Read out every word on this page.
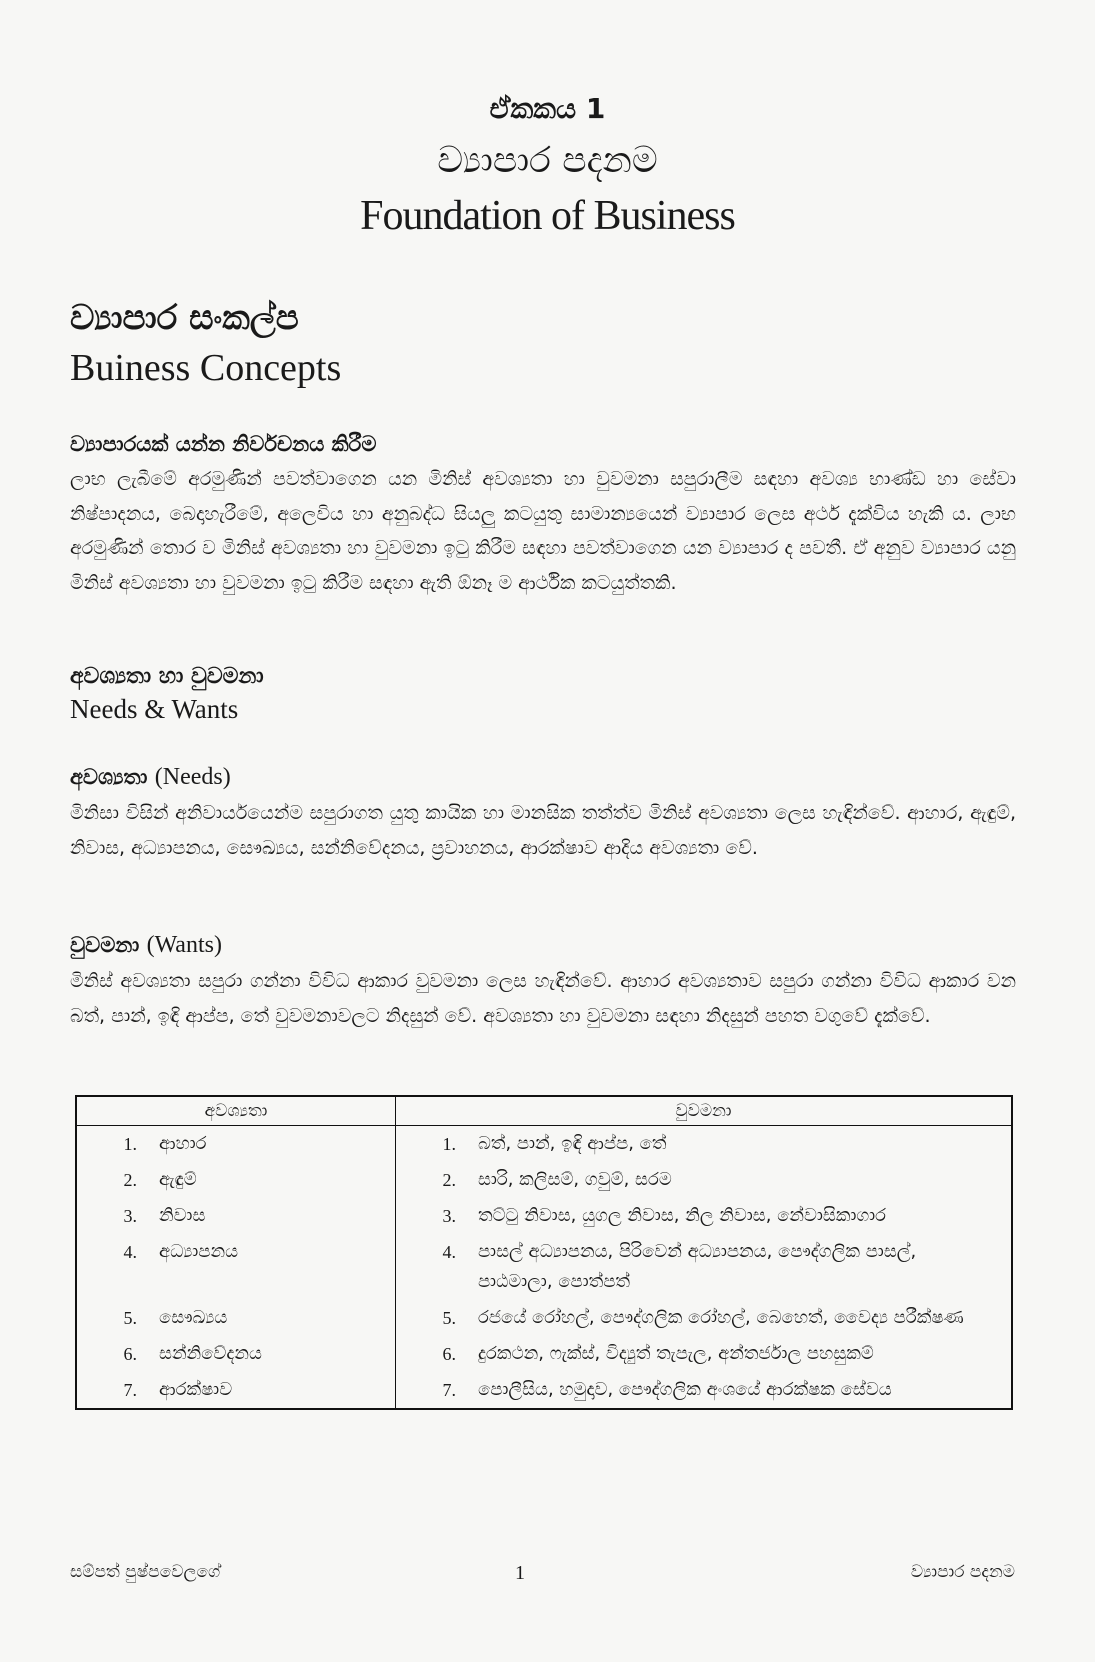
ඒකකය 1
ව්‍යාපාර පදනම
Foundation of Business
ව්‍යාපාර සංකල්ප
Buiness Concepts
ව්‍යාපාරයක් යන්න නිර්වචනය කිරීම
ලාභ ලැබීමේ අරමුණින් පවත්වාගෙන යන මිනිස් අවශ්‍යතා හා වුවමනා සපුරාලීම සඳහා අවශ්‍ය භාණ්ඩ හා සේවා නිෂ්පාදනය, බෙදාහැරීමේ, අලෙවිය හා අනුබද්ධ සියලු කටයුතු සාමාන්‍යයෙන් ව්‍යාපාර ලෙස අර්ථ දැක්විය හැකි ය. ලාභ අරමුණින් තොර ව මිනිස් අවශ්‍යතා හා වුවමනා ඉටු කිරීම සඳහා පවත්වාගෙන යන ව්‍යාපාර ද පවතී. ඒ අනුව ව්‍යාපාර යනු මිනිස් අවශ්‍යතා හා වුවමනා ඉටු කිරීම සඳහා ඇති ඕනෑ ම ආර්ථික කටයුත්තකි.
අවශ්‍යතා හා වුවමනා
Needs & Wants
අවශ්‍යතා (Needs)
මිනිසා විසින් අනිවාර්යයෙන්ම සපුරාගත යුතු කායික හා මානසික තත්ත්ව මිනිස් අවශ්‍යතා ලෙස හැඳින්වේ. ආහාර, ඇඳුම්, නිවාස, අධ්‍යාපනය, සෞඛ්‍යය, සන්නිවේදනය, ප්‍රවාහනය, ආරක්ෂාව ආදිය අවශ්‍යතා වේ.
වුවමනා (Wants)
මිනිස් අවශ්‍යතා සපුරා ගන්නා විවිධ ආකාර වුවමනා ලෙස හැඳින්වේ. ආහාර අවශ්‍යතාව සපුරා ගන්නා විවිධ ආකාර වන බත්, පාන්, ඉඳි ආප්ප, තේ වුවමනාවලට නිදසුන් වේ. අවශ්‍යතා හා වුවමනා සඳහා නිදසුන් පහත වගුවේ දැක්වේ.
අවශ්‍යතා	වුවමනා

1. ආහාර	1. බත්, පාන්, ඉඳි ආප්ප, තේ

2. ඇඳුම්	2. සාරි, කලිසම්, ගවුම්, සරම

3. නිවාස	3. තට්ටු නිවාස, යුගල නිවාස, නිල නිවාස, නේවාසිකාගාර

4. අධ්‍යාපනය	4. පාසල් අධ්‍යාපනය, පිරිවෙන් අධ්‍යාපනය, පෞද්ගලික පාසල්, පාඨමාලා, පොත්පත්

5. සෞඛ්‍යය	5. රජයේ රෝහල්, පෞද්ගලික රෝහල්, බෙහෙත්, වෛද්‍ය පරීක්ෂණ

6. සන්නිවේදනය	6. දුරකථන, ෆැක්ස්, විද්‍යුත් තැපැල, අන්තර්ජාල පහසුකම්

7. ආරක්ෂාව	7. පොලීසිය, හමුදාව, පෞද්ගලික අංශයේ ආරක්ෂක සේවය
සම්පත් පුෂ්පවෙලගේ	1	ව්‍යාපාර පදනම
